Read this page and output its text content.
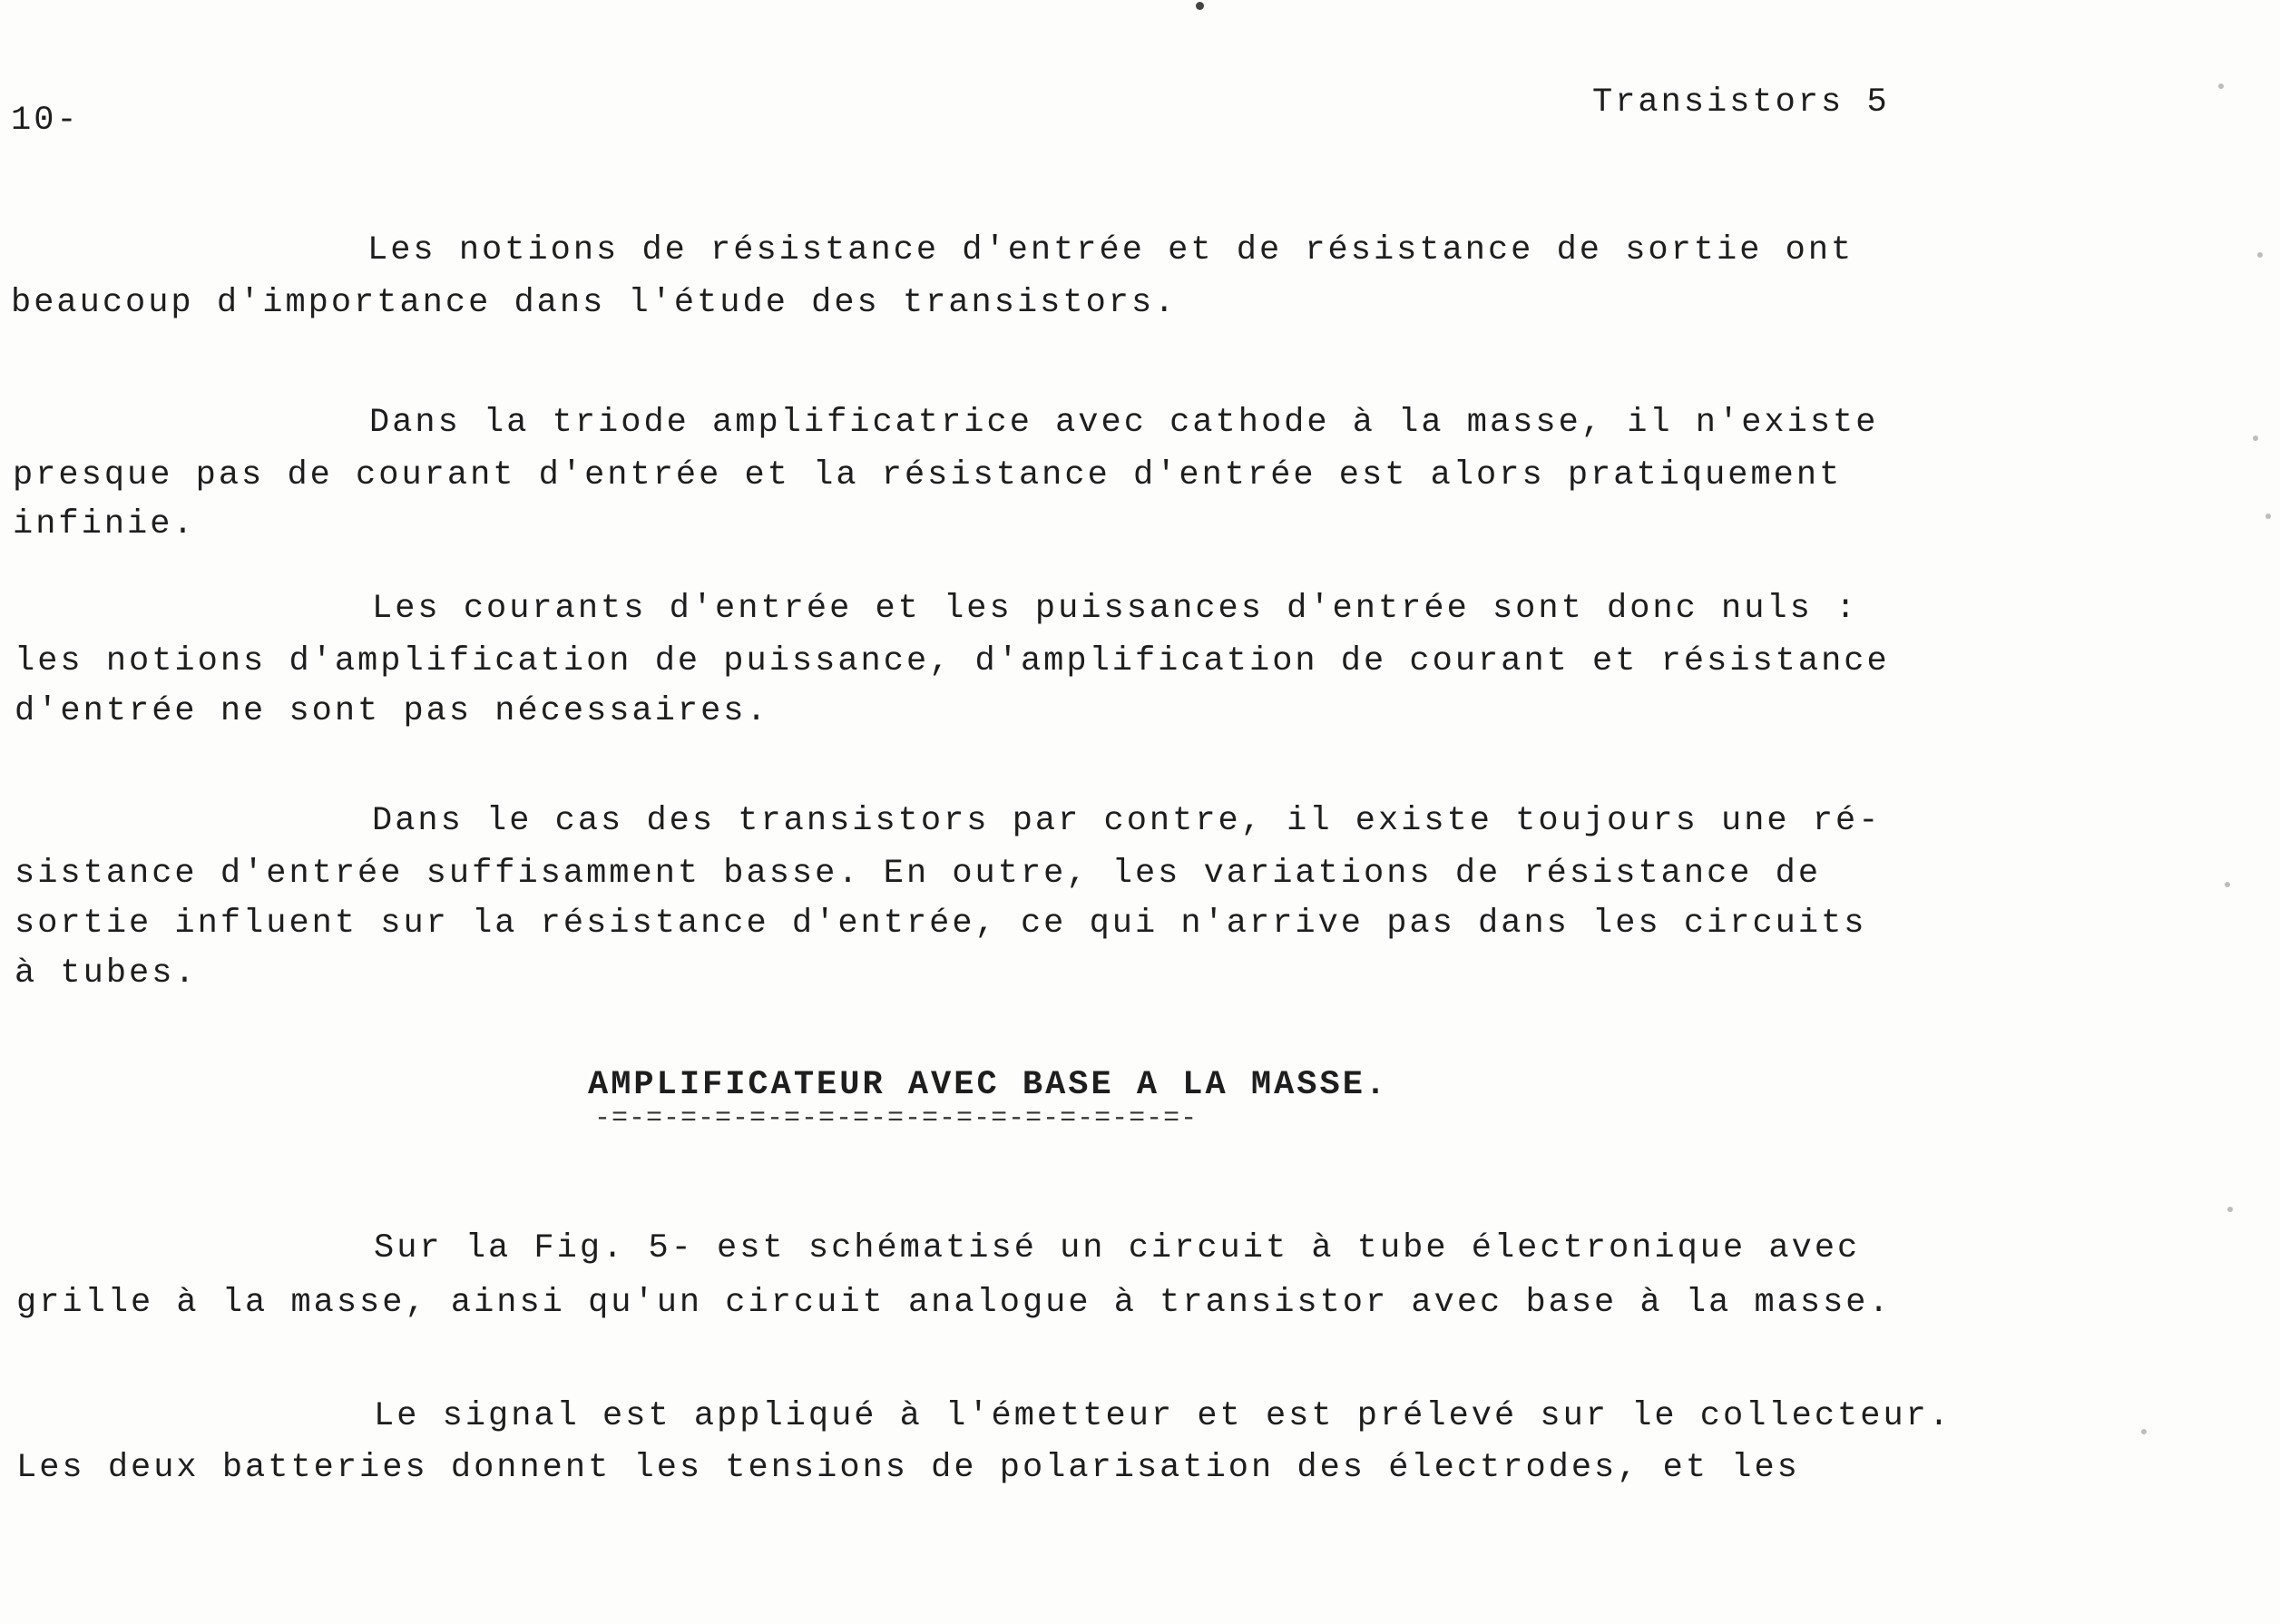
10-	Transistors 5
Les notions de résistance d'entrée et de résistance de sortie ont
beaucoup d'importance dans l'étude des transistors.
Dans la triode amplificatrice avec cathode à la masse, il n'existe
presque pas de courant d'entrée et la résistance d'entrée est alors pratiquement
infinie.
Les courants d'entrée et les puissances d'entrée sont donc nuls :
les notions d'amplification de puissance, d'amplification de courant et résistance
d'entrée ne sont pas nécessaires.
Dans le cas des transistors par contre, il existe toujours une ré-
sistance d'entrée suffisamment basse. En outre, les variations de résistance de
sortie influent sur la résistance d'entrée, ce qui n'arrive pas dans les circuits
à tubes.
AMPLIFICATEUR AVEC BASE A LA MASSE.
-=-=-=-=-=-=-=-=-=-=-=-=-=-=-=-=-=-
Sur la Fig. 5- est schématisé un circuit à tube électronique avec
grille à la masse, ainsi qu'un circuit analogue à transistor avec base à la masse.
Le signal est appliqué à l'émetteur et est prélevé sur le collecteur.
Les deux batteries donnent les tensions de polarisation des électrodes, et les
